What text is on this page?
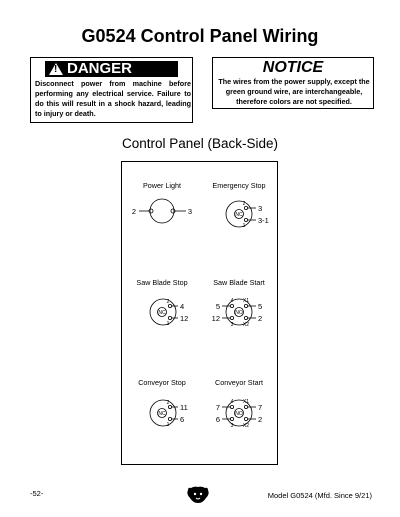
G0524 Control Panel Wiring
! DANGER
Disconnect power from machine before performing any electrical service. Failure to do this will result in a shock hazard, leading to injury or death.
NOTICE
The wires from the power supply, except the green ground wire, are interchangeable, therefore colors are not specified.
Control Panel (Back-Side)
Power Light	Emergency Stop
Saw Blade Stop	Saw Blade Start
Conveyor Stop	Conveyor Start
2	3	NC
2
1
3
3-1
NC
2
1
4
12
NO
4
3
X1
X2
5	5
12	2
NC
2
1
11
6
NO
4
3
X1
X2
7	7
6	2
-52-	Model G0524 (Mfd. Since 9/21)
